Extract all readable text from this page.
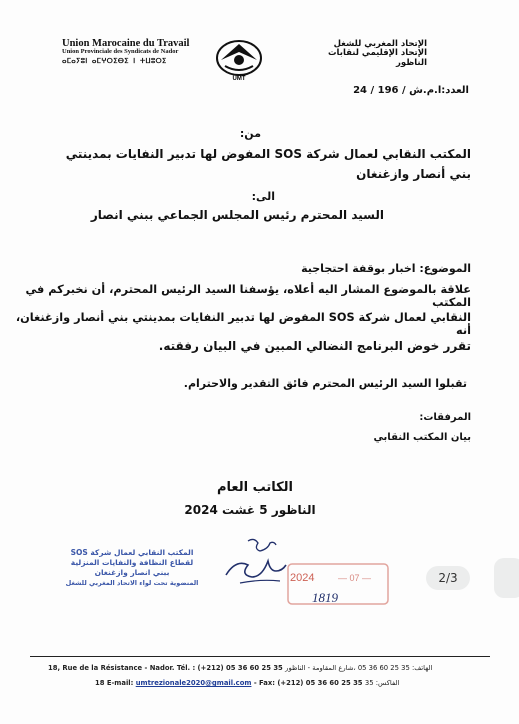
Union Marocaine du Travail
Union Provinciale des Syndicats de Nador
ⴰⵎⴰⵢⵓⵏ ⴰⵎⵖⵔⵉⴱⵉ ⵏ ⵜⵡⵓⵔⵉ
UMT
الإتحاد المغربي للشغل
الإتحاد الإقليمي لنقابات الناظور
العدد:ا.م.ش / 196 / 24
من:
المكتب النقابي لعمال شركة SOS المفوض لها تدبير النفايات بمدينتي بني أنصار وازغنغان
الى:
السيد المحترم رئيس المجلس الجماعي ببني انصار
الموضوع: اخبار بوقفة احتجاجية
علاقة بالموضوع المشار اليه أعلاه، يؤسفنا السيد الرئيس المحترم، أن نخبركم في المكتب
النقابي لعمال شركة SOS المفوض لها تدبير النفايات بمدينتي بني أنصار وازغنغان، أنه
تقرر خوض البرنامج النضالي المبين في البيان رفقته.
تقبلوا السيد الرئيس المحترم فائق التقدير والاحترام.
المرفقات:
بيان المكتب النقابي
الكاتب العام
الناظور 5 غشت 2024
المكتب النقابي لعمال شركة SOS
لقطاع النظافة والنفايات المنزلية
ببني انصار وازغنغان
المنضوية تحت لواء الاتحاد المغربي للشغل	2024	— 07 —
1819
2/3
18, Rue de la Résistance - Nador. Tél. : (+212) 05 36 60 25 35 الهاتف: 35 25 60 36 05 ،شارع المقاومة - الناظور
18 E-mail: umtrezionale2020@gmail.com - Fax: (+212) 05 36 60 25 35 الفاكس: 35
